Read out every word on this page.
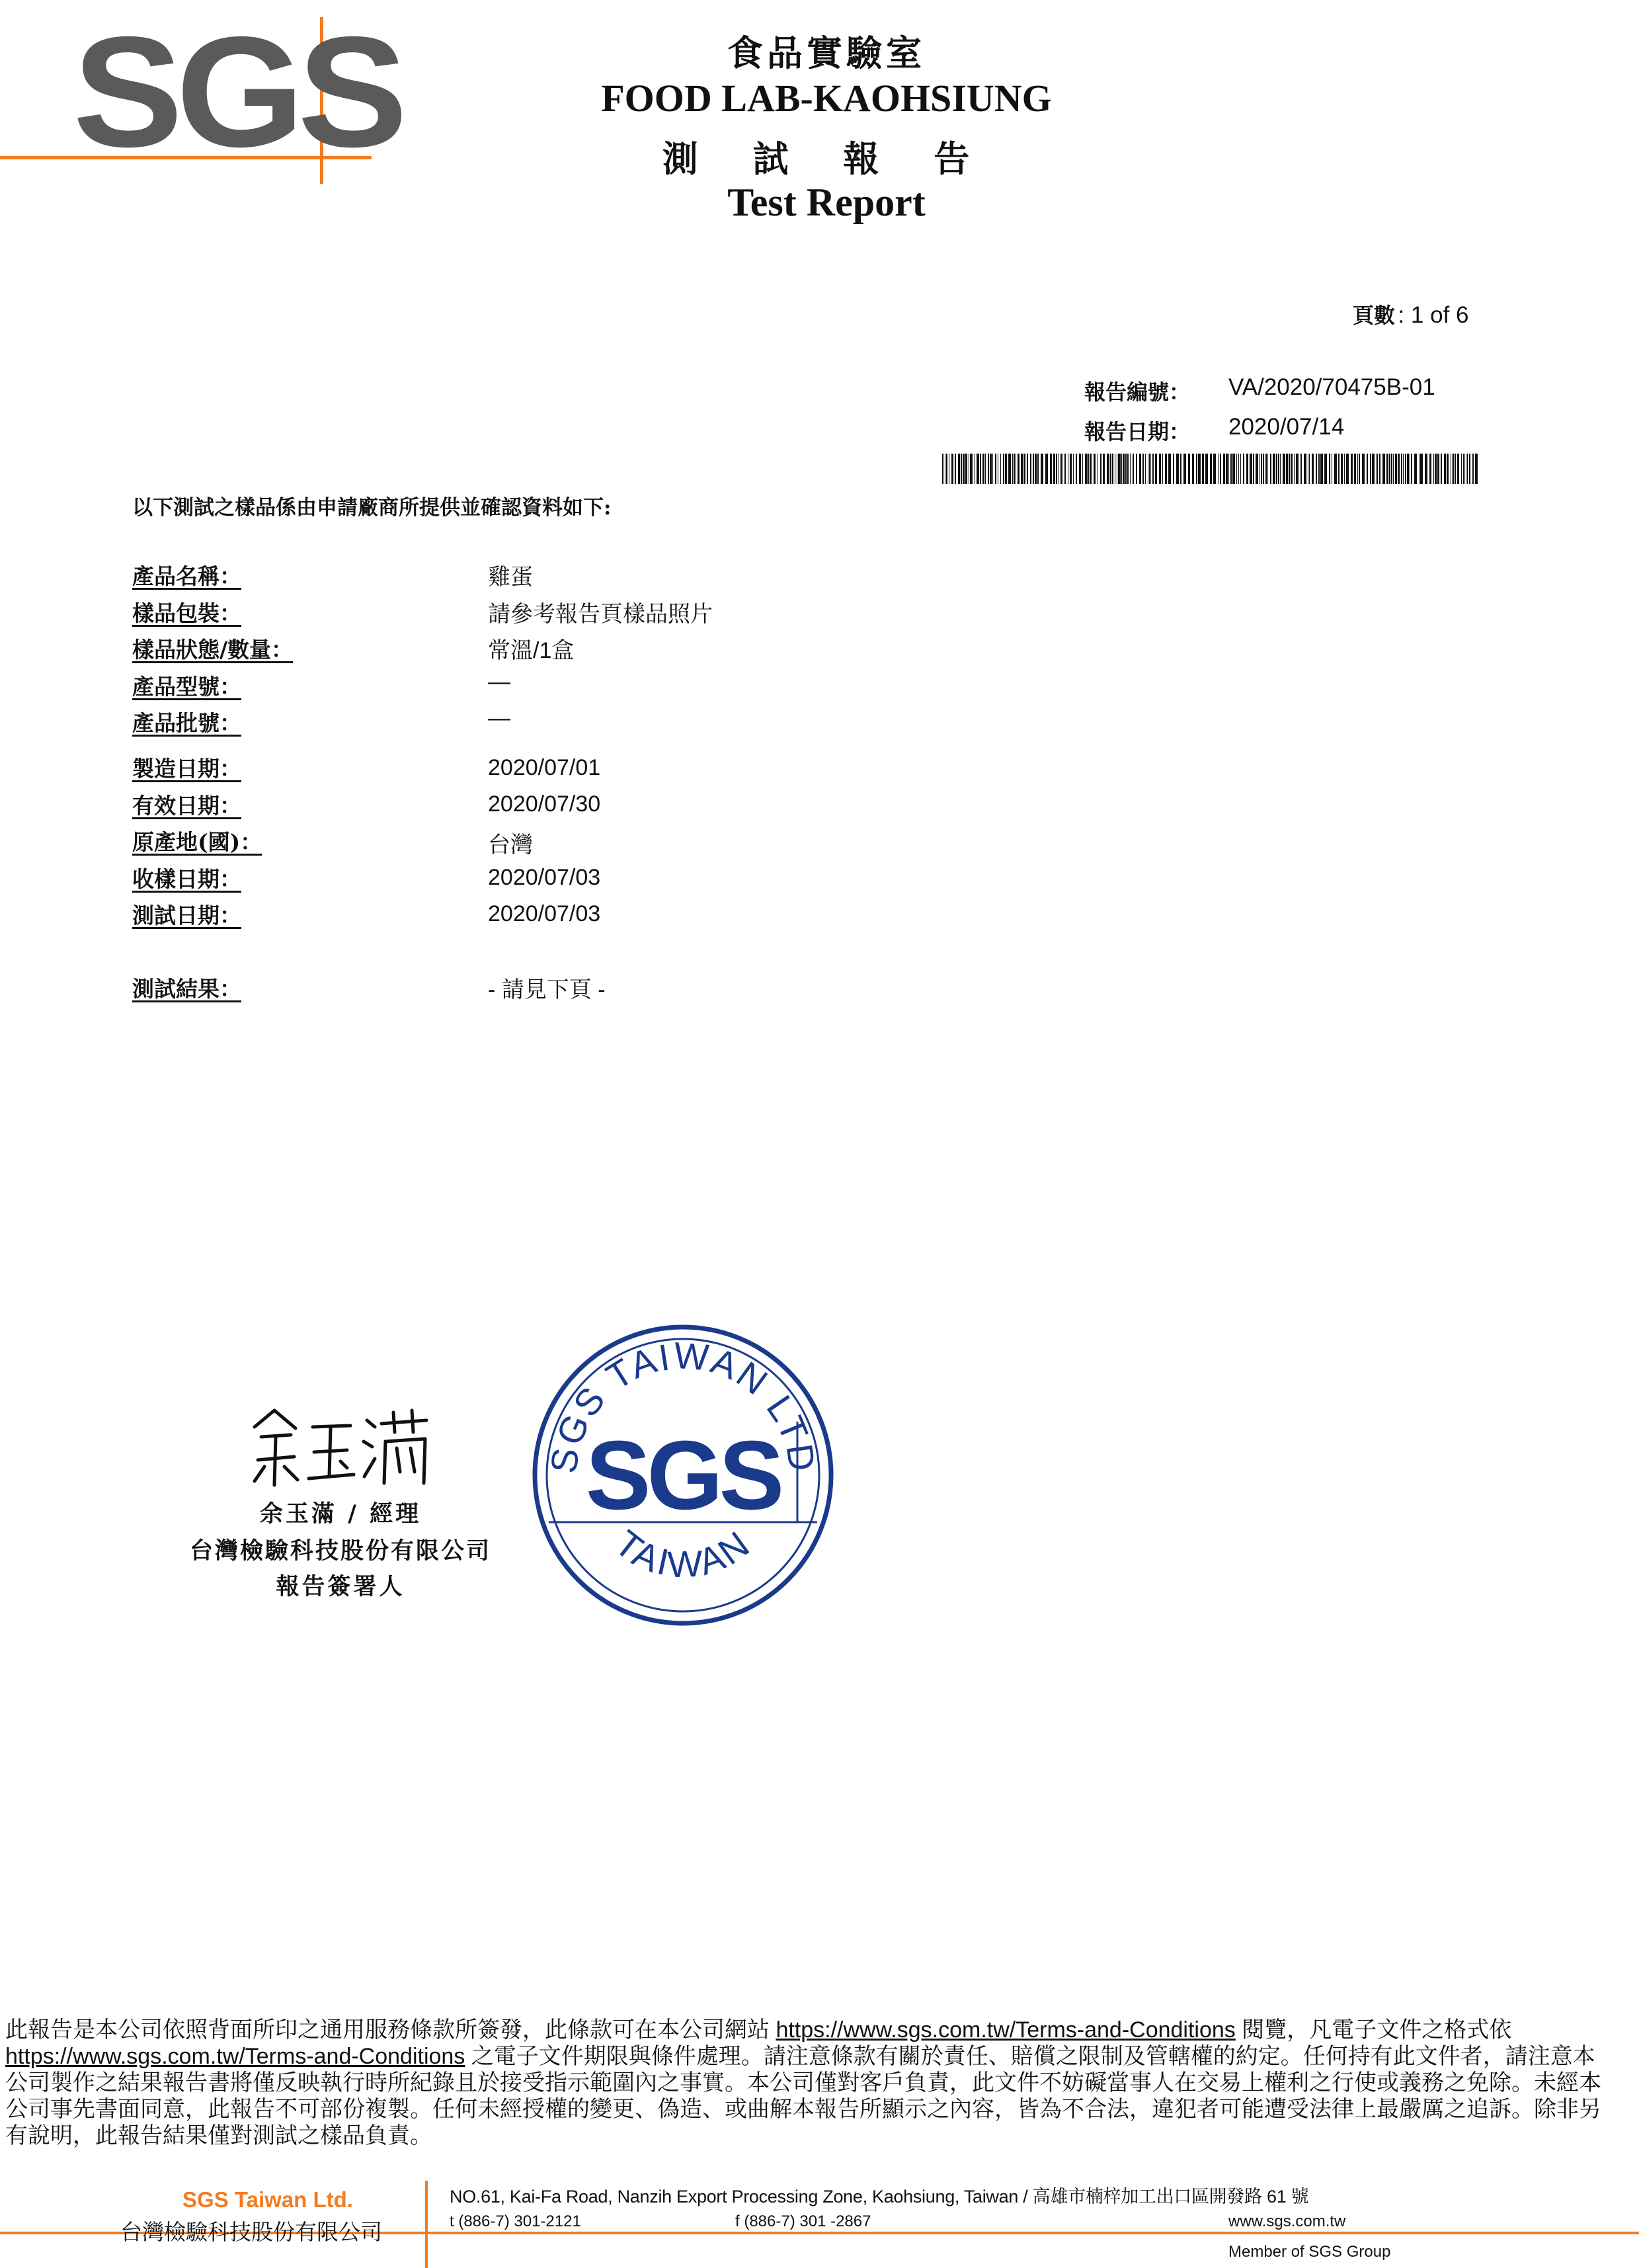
SGS	食品實驗室
FOOD LAB-KAOHSIUNG
測 試 報 告
Test Report
頁數 : 1 of 6
報告編號： VA/2020/70475B-01
報告日期： 2020/07/14
以下測試之樣品係由申請廠商所提供並確認資料如下:
產品名稱：	雞蛋
樣品包裝：	請參考報告頁樣品照片
樣品狀態/數量：	常溫/1盒
產品型號：	—
產品批號：	—
製造日期：	2020/07/01
有效日期：	2020/07/30
原產地(國)：	台灣
收樣日期：	2020/07/03
測試日期：	2020/07/03
測試結果：	- 請見下頁 -
余玉滿 / 經理
台灣檢驗科技股份有限公司
報告簽署人
SGS TAIWAN LTD
SGS
TAIWAN
此報告是本公司依照背面所印之通用服務條款所簽發，此條款可在本公司網站 https://www.sgs.com.tw/Terms-and-Conditions 閱覽，凡電子文件之格式依https://www.sgs.com.tw/Terms-and-Conditions 之電子文件期限與條件處理。請注意條款有關於責任、賠償之限制及管轄權的約定。任何持有此文件者，請注意本公司製作之結果報告書將僅反映執行時所紀錄且於接受指示範圍內之事實。本公司僅對客戶負責，此文件不妨礙當事人在交易上權利之行使或義務之免除。未經本公司事先書面同意，此報告不可部份複製。任何未經授權的變更、偽造、或曲解本報告所顯示之內容，皆為不合法，違犯者可能遭受法律上最嚴厲之追訴。除非另有說明，此報告結果僅對測試之樣品負責。
SGS Taiwan Ltd.
台灣檢驗科技股份有限公司
NO.61, Kai-Fa Road, Nanzih Export Processing Zone, Kaohsiung, Taiwan / 高雄市楠梓加工出口區開發路 61 號
t (886-7) 301-2121	f (886-7) 301 -2867	www.sgs.com.tw
Member of SGS Group
